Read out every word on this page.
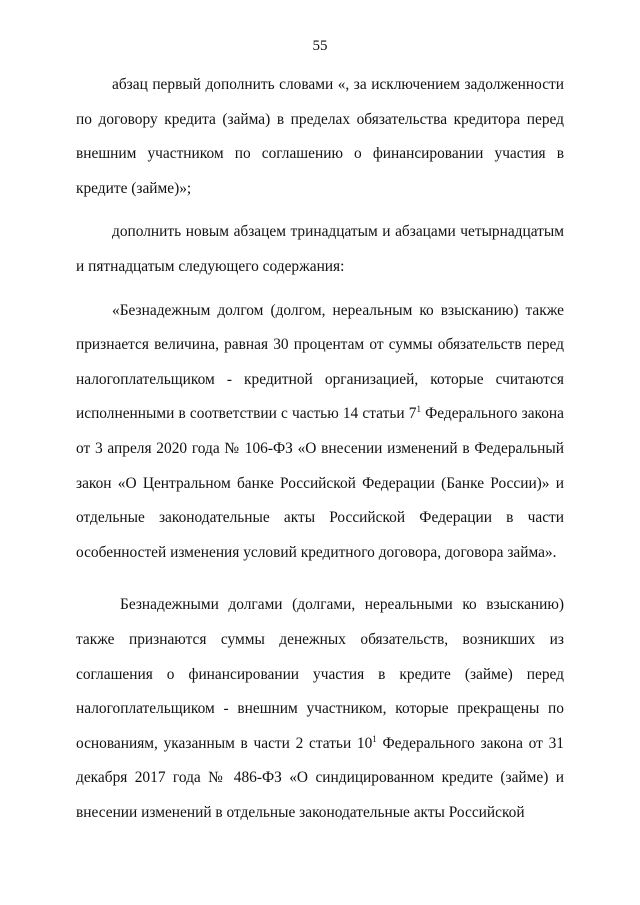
55

абзац первый дополнить словами «, за исключением задолженности по договору кредита (займа) в пределах обязательства кредитора перед внешним участником по соглашению о финансировании участия в кредите (займе)»;

дополнить новым абзацем тринадцатым и абзацами четырнадцатым и пятнадцатым следующего содержания:

«Безнадежным долгом (долгом, нереальным ко взысканию) также признается величина, равная 30 процентам от суммы обязательств перед налогоплательщиком - кредитной организацией, которые считаются исполненными в соответствии с частью 14 статьи $7^1$ Федерального закона от 3 апреля 2020 года № 106-ФЗ «О внесении изменений в Федеральный закон «О Центральном банке Российской Федерации (Банке России)» и отдельные законодательные акты Российской Федерации в части особенностей изменения условий кредитного договора, договора займа».

Безнадежными долгами (долгами, нереальными ко взысканию) также признаются суммы денежных обязательств, возникших из соглашения о финансировании участия в кредите (займе) перед налогоплательщиком - внешним участником, которые прекращены по основаниям, указанным в части 2 статьи $10^1$ Федерального закона от 31 декабря 2017 года № 486-ФЗ «О синдицированном кредите (займе) и внесении изменений в отдельные законодательные акты Российской
